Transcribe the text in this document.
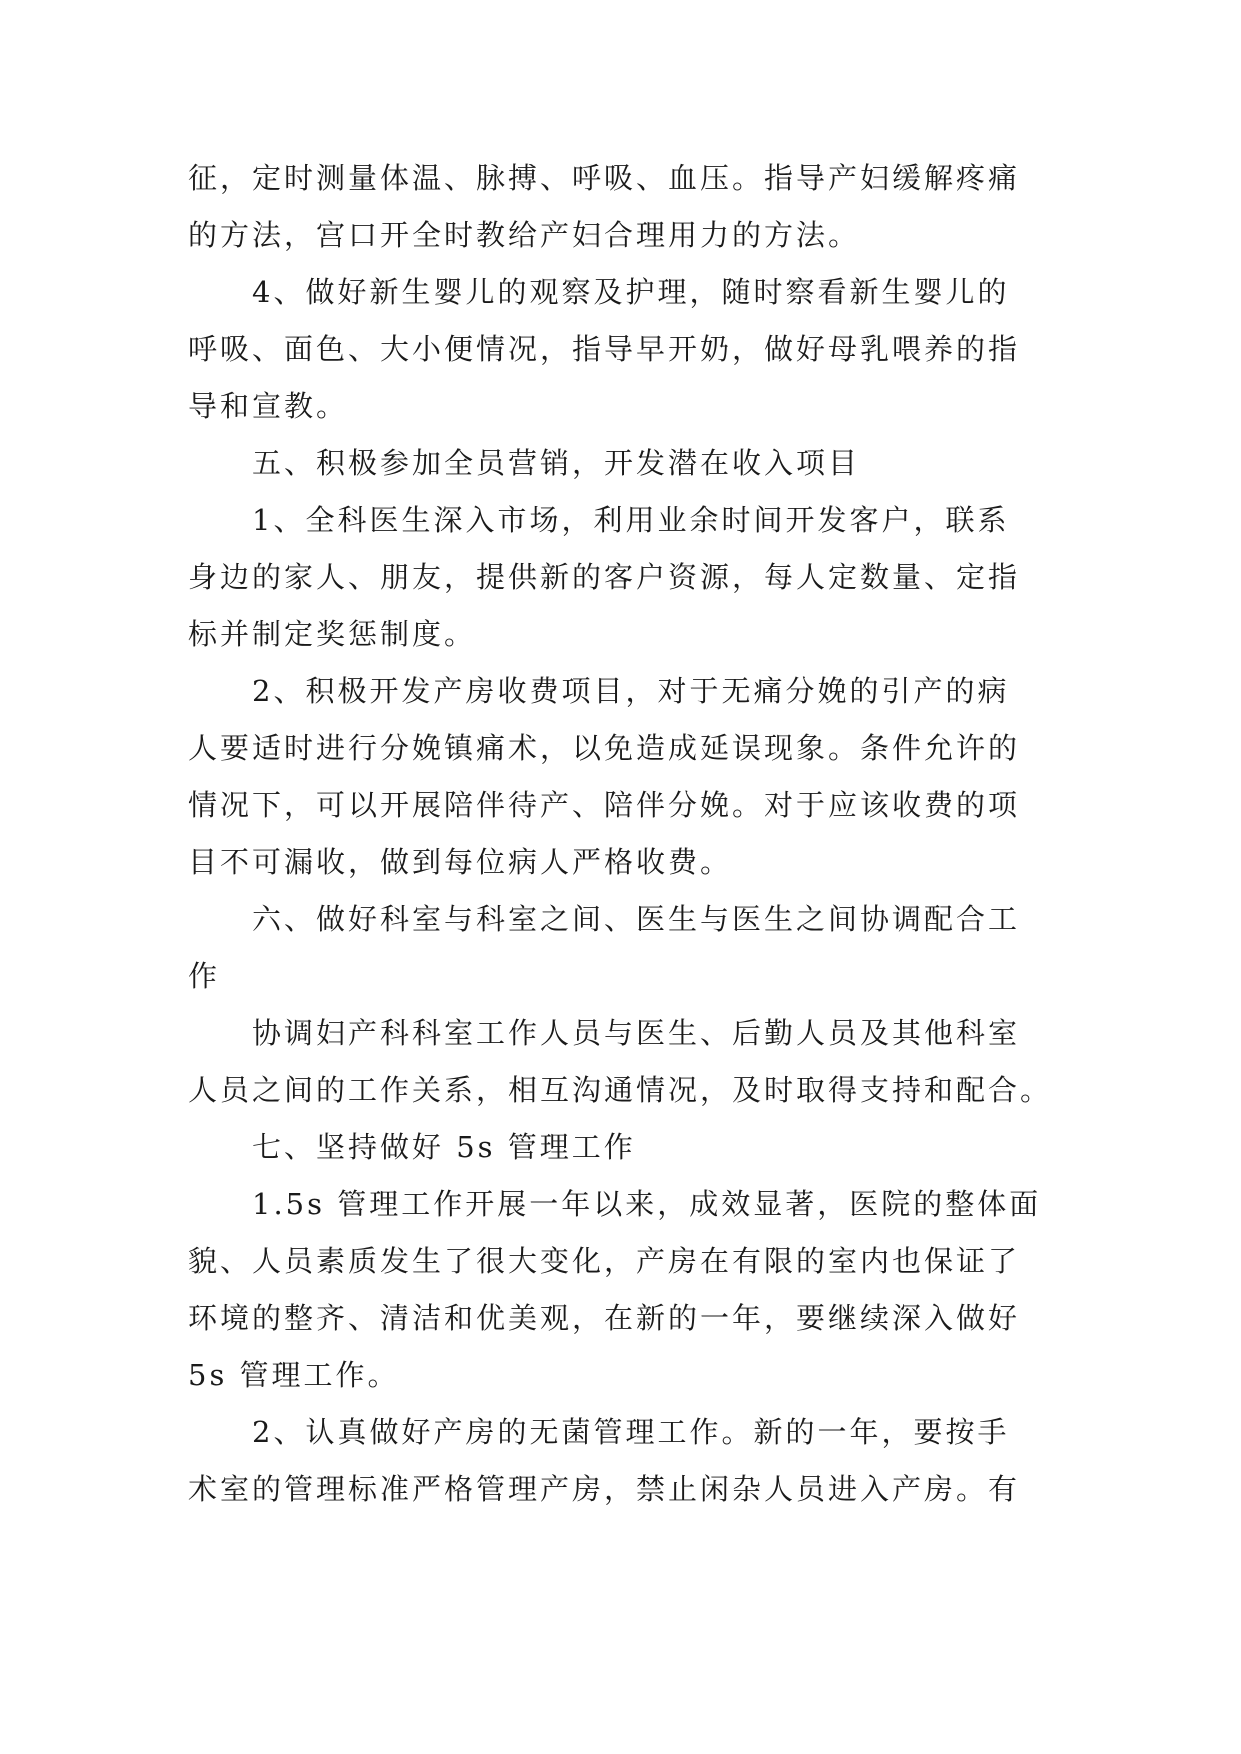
征，定时测量体温、脉搏、呼吸、血压。指导产妇缓解疼痛
的方法，宫口开全时教给产妇合理用力的方法。
4、做好新生婴儿的观察及护理，随时察看新生婴儿的
呼吸、面色、大小便情况，指导早开奶，做好母乳喂养的指
导和宣教。
五、积极参加全员营销，开发潜在收入项目
1、全科医生深入市场，利用业余时间开发客户，联系
身边的家人、朋友，提供新的客户资源，每人定数量、定指
标并制定奖惩制度。
2、积极开发产房收费项目，对于无痛分娩的引产的病
人要适时进行分娩镇痛术，以免造成延误现象。条件允许的
情况下，可以开展陪伴待产、陪伴分娩。对于应该收费的项
目不可漏收，做到每位病人严格收费。
六、做好科室与科室之间、医生与医生之间协调配合工
作
协调妇产科科室工作人员与医生、后勤人员及其他科室
人员之间的工作关系，相互沟通情况，及时取得支持和配合。
七、坚持做好 5s 管理工作
1.5s 管理工作开展一年以来，成效显著，医院的整体面
貌、人员素质发生了很大变化，产房在有限的室内也保证了
环境的整齐、清洁和优美观，在新的一年，要继续深入做好
5s 管理工作。
2、认真做好产房的无菌管理工作。新的一年，要按手
术室的管理标准严格管理产房，禁止闲杂人员进入产房。有
